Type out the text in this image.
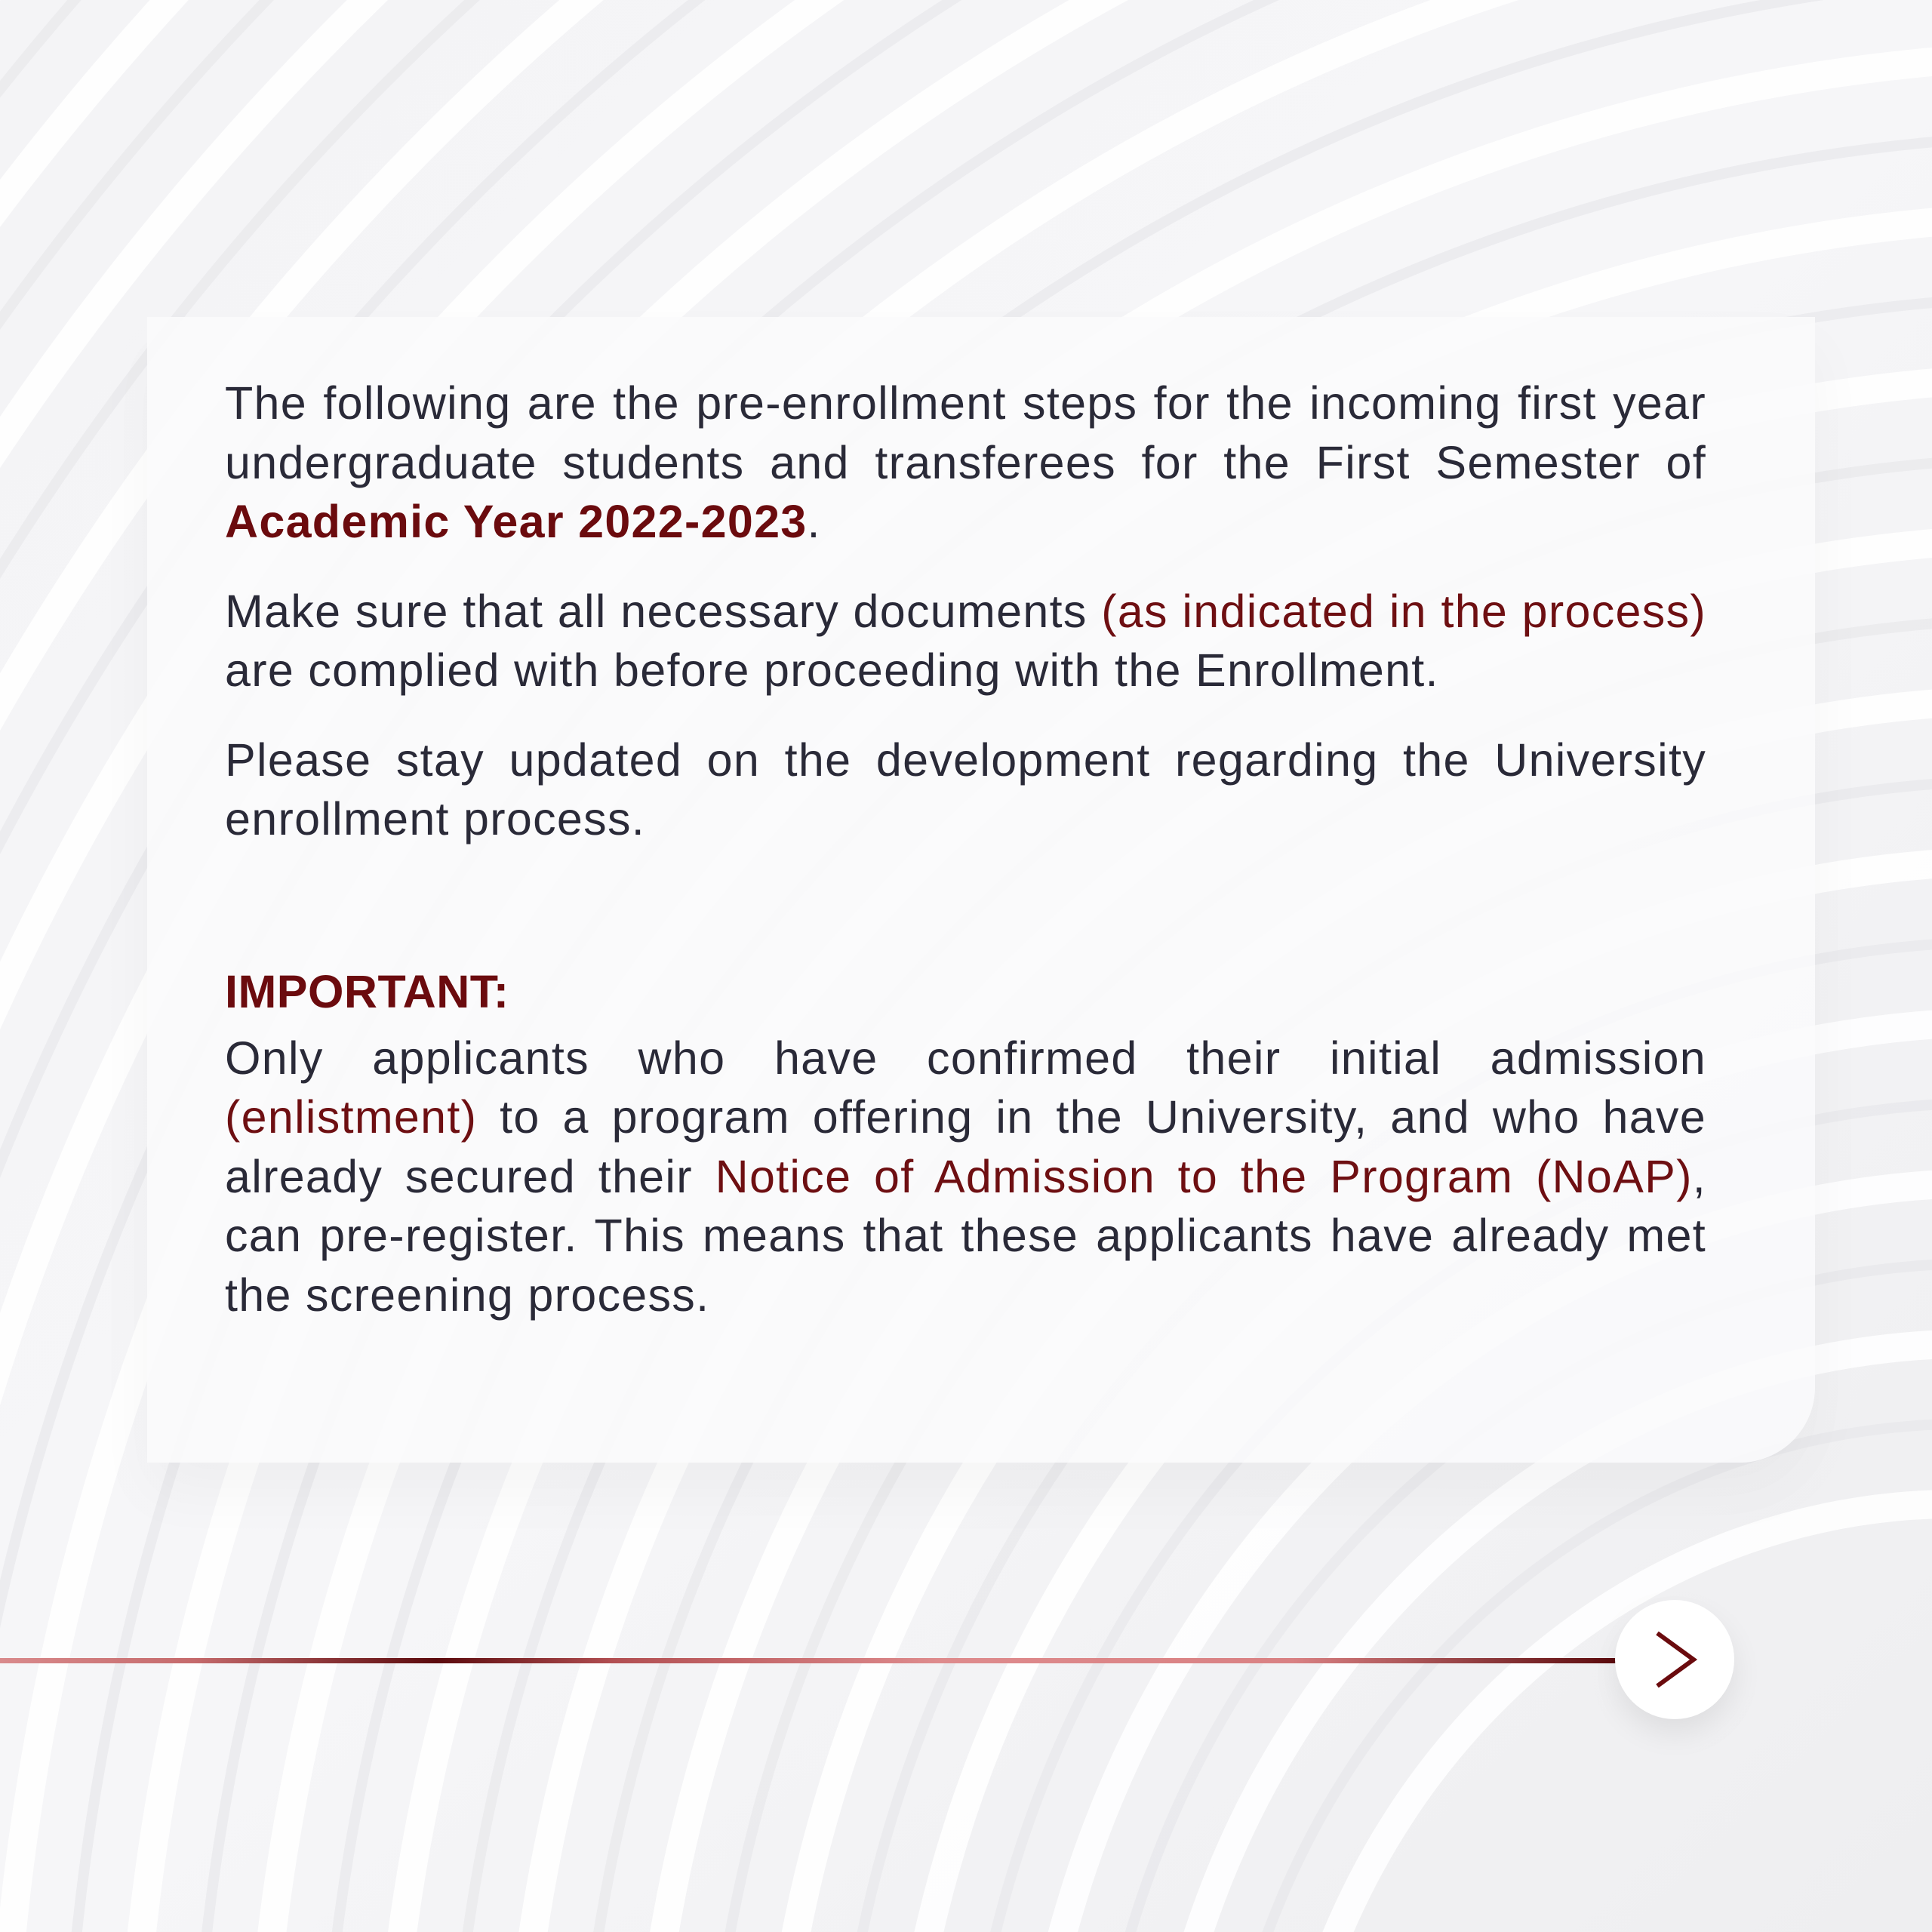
The following are the pre-enrollment steps for the incoming first year undergraduate students and transferees for the First Semester of Academic Year 2022-2023.

Make sure that all necessary documents (as indicated in the process) are complied with before proceeding with the Enrollment.

Please stay updated on the development regarding the University enrollment process.

IMPORTANT:

Only applicants who have confirmed their initial admission (enlistment) to a program offering in the University, and who have already secured their Notice of Admission to the Program (NoAP), can pre-register. This means that these applicants have already met the screening process.
